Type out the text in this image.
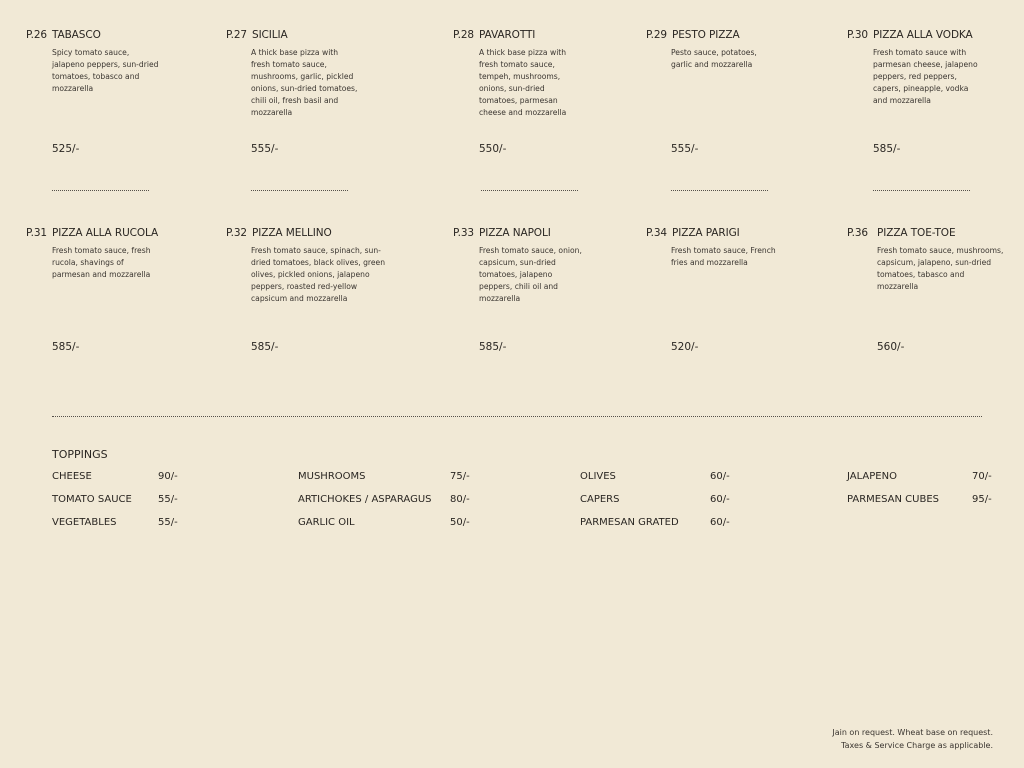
P.26 TABASCO
Spicy tomato sauce, jalapeno peppers, sun-dried tomatoes, tobasco and mozzarella
525/-
P.27 SICILIA
A thick base pizza with fresh tomato sauce, mushrooms, garlic, pickled onions, sun-dried tomatoes, chili oil, fresh basil and mozzarella
555/-
P.28 PAVAROTTI
A thick base pizza with fresh tomato sauce, tempeh, mushrooms, onions, sun-dried tomatoes, parmesan cheese and mozzarella
550/-
P.29 PESTO PIZZA
Pesto sauce, potatoes, garlic and mozzarella
555/-
P.30 PIZZA ALLA VODKA
Fresh tomato sauce with parmesan cheese, jalapeno peppers, red peppers, capers, pineapple, vodka and mozzarella
585/-
P.31 PIZZA ALLA RUCOLA
Fresh tomato sauce, fresh rucola, shavings of parmesan and mozzarella
585/-
P.32 PIZZA MELLINO
Fresh tomato sauce, spinach, sun-dried tomatoes, black olives, green olives, pickled onions, jalapeno peppers, roasted red-yellow capsicum and mozzarella
585/-
P.33 PIZZA NAPOLI
Fresh tomato sauce, onion, capsicum, sun-dried tomatoes, jalapeno peppers, chili oil and mozzarella
585/-
P.34 PIZZA PARIGI
Fresh tomato sauce, French fries and mozzarella
520/-
P.36 PIZZA TOE-TOE
Fresh tomato sauce, mushrooms, capsicum, jalapeno, sun-dried tomatoes, tabasco and mozzarella
560/-
TOPPINGS
CHEESE	90/-
TOMATO SAUCE	55/-
VEGETABLES	55/-
MUSHROOMS	75/-
ARTICHOKES / ASPARAGUS 80/-
GARLIC OIL	50/-
OLIVES	60/-
CAPERS	60/-
PARMESAN GRATED	60/-
JALAPENO	70/-
PARMESAN CUBES	95/-
Jain on request. Wheat base on request.
Taxes & Service Charge as applicable.
